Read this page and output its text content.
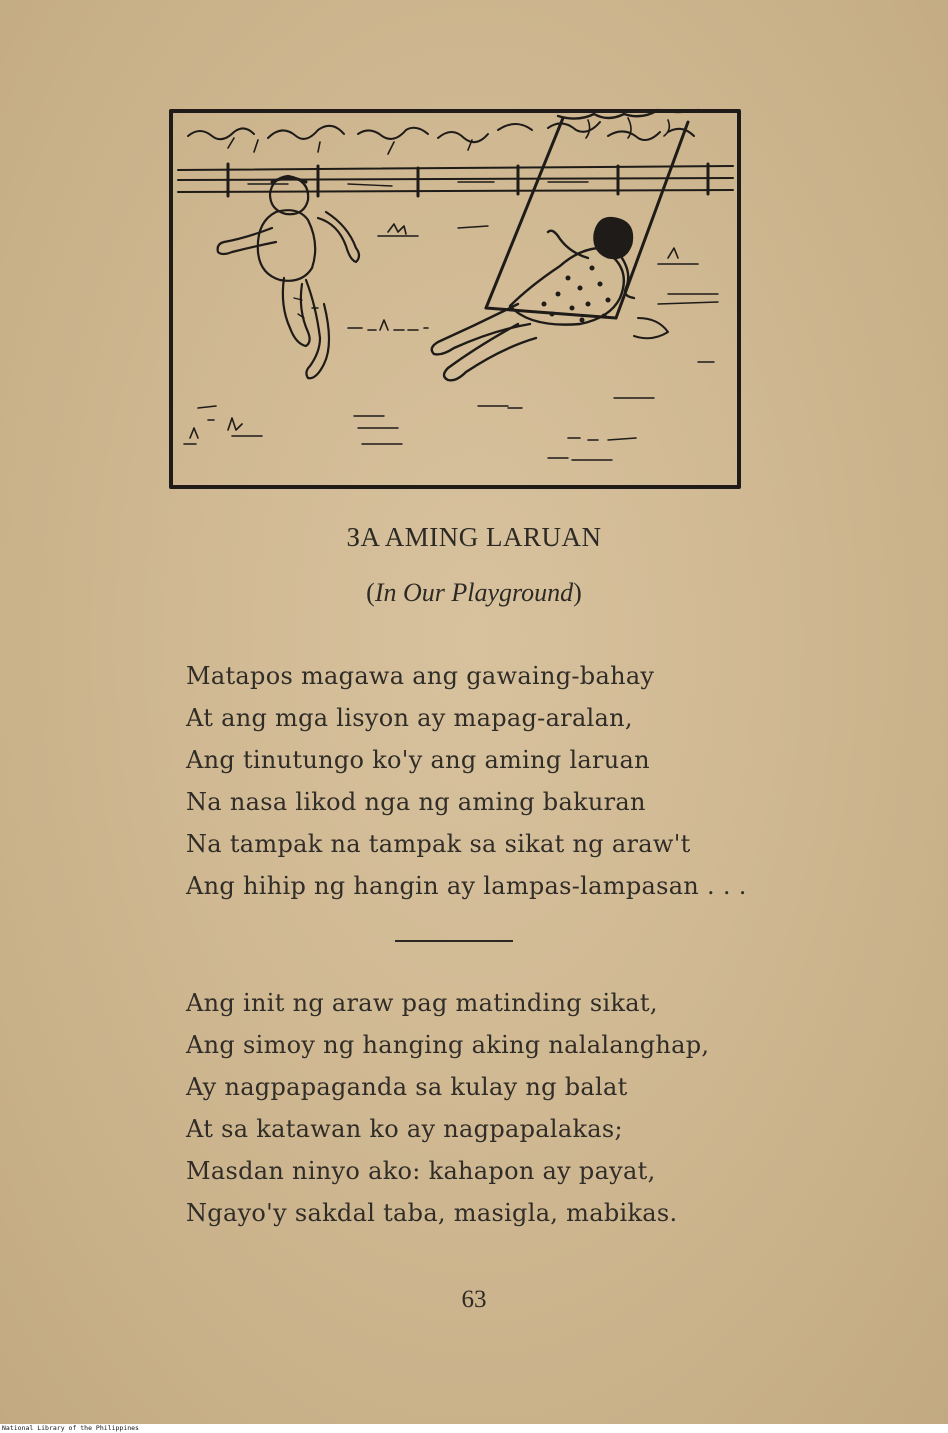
ЗA AMING LARUAN
(In Our Playground)
Matapos magawa ang gawaing-bahay
At ang mga lisyon ay mapag-aralan,
Ang tinutungo ko'y ang aming laruan
Na nasa likod nga ng aming bakuran
Na tampak na tampak sa sikat ng araw't
Ang hihip ng hangin ay lampas-lampasan . . .
Ang init ng araw pag matinding sikat,
Ang simoy ng hanging aking nalalanghap,
Ay nagpapaganda sa kulay ng balat
At sa katawan ko ay nagpapalakas;
Masdan ninyo ako: kahapon ay payat,
Ngayo'y sakdal taba, masigla, mabikas.
63
National Library of the Philippines
